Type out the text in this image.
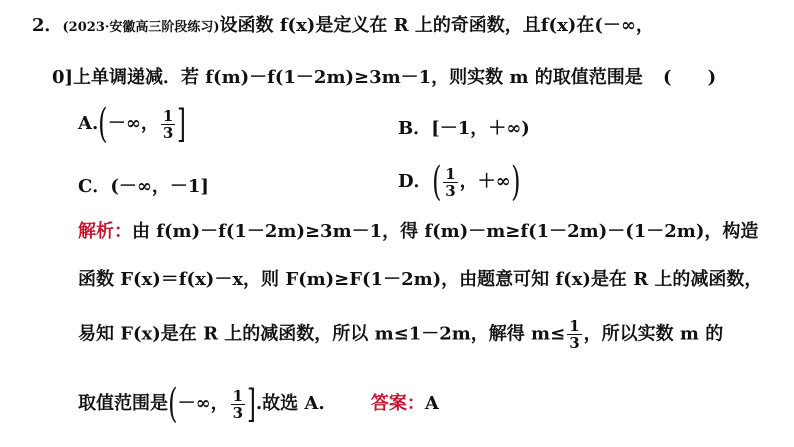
2．(2023·安徽高三阶段练习)设函数 f(x)是定义在 R 上的奇函数，且f(x)在(－∞，
0]上单调递减．若 f(m)－f(1－2m)≥3m－1，则实数 m 的取值范围是 (　　)
A.(－∞， $\frac{1}{3}$ ]	B．[－1，＋∞)
C．(－∞，－1]	D．( $\frac{1}{3}$ ，＋∞)
解析：由 f(m)－f(1－2m)≥3m－1，得 f(m)－m≥f(1－2m)－(1－2m)，构造
函数 F(x)＝f(x)－x，则 F(m)≥F(1－2m)，由题意可知 f(x)是在 R 上的减函数，
易知 F(x)是在 R 上的减函数，所以 m≤1－2m，解得 $m\le \frac{1}{3}$ ，所以实数 m 的
取值范围是(－∞， $\frac{1}{3}$ ].故选 A.	答案：A
